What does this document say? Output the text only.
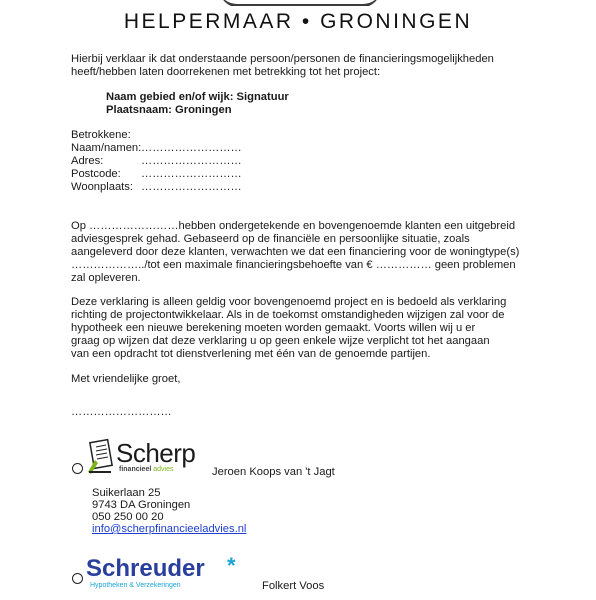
HELPERMAAR • GRONINGEN
Hierbij verklaar ik dat onderstaande persoon/personen de financieringsmogelijkheden
heeft/hebben laten doorrekenen met betrekking tot het project:
Naam gebied en/of wijk: Signatuur
Plaatsnaam: Groningen
Betrokkene:
Naam/namen: ………………………
Adres:	………………………
Postcode: ………………………
Woonplaats: ………………………
Op ……………………hebben ondergetekende en bovengenoemde klanten een uitgebreid
adviesgesprek gehad. Gebaseerd op de financiële en persoonlijke situatie, zoals
aangeleverd door deze klanten, verwachten we dat een financiering voor de woningtype(s)
………………../tot een maximale financieringsbehoefte van € …………… geen problemen
zal opleveren.
Deze verklaring is alleen geldig voor bovengenoemd project en is bedoeld als verklaring
richting de projectontwikkelaar. Als in de toekomst omstandigheden wijzigen zal voor de
hypotheek een nieuwe berekening moeten worden gemaakt. Voorts willen wij u er
graag op wijzen dat deze verklaring u op geen enkele wijze verplicht tot het aangaan
van een opdracht tot dienstverlening met één van de genoemde partijen.
Met vriendelijke groet,
………………………
Scherp
financieel advies	Jeroen Koops van 't Jagt
Suikerlaan 25
9743 DA Groningen
050 250 00 20
info@scherpfinancieeladvies.nl
Schreuder *
Hypotheken & Verzekeringen	Folkert Voos
